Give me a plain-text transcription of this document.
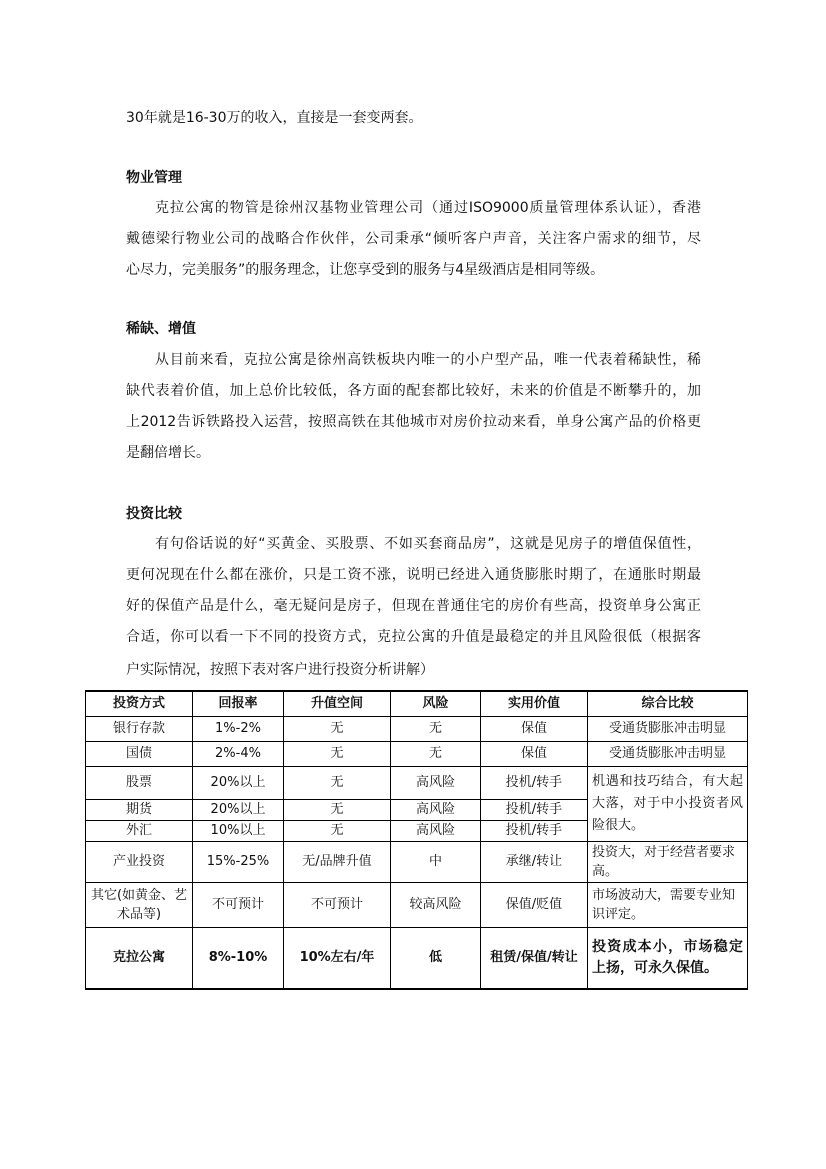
30年就是16-30万的收入，直接是一套变两套。
物业管理
克拉公寓的物管是徐州汉基物业管理公司（通过ISO9000质量管理体系认证），香港
戴德梁行物业公司的战略合作伙伴，公司秉承“倾听客户声音，关注客户需求的细节，尽
心尽力，完美服务”的服务理念，让您享受到的服务与4星级酒店是相同等级。
稀缺、增值
从目前来看，克拉公寓是徐州高铁板块内唯一的小户型产品，唯一代表着稀缺性，稀
缺代表着价值，加上总价比较低，各方面的配套都比较好，未来的价值是不断攀升的，加
上2012告诉铁路投入运营，按照高铁在其他城市对房价拉动来看，单身公寓产品的价格更
是翻倍增长。
投资比较
有句俗话说的好“买黄金、买股票、不如买套商品房”，这就是见房子的增值保值性，
更何况现在什么都在涨价，只是工资不涨，说明已经进入通货膨胀时期了，在通胀时期最
好的保值产品是什么，毫无疑问是房子，但现在普通住宅的房价有些高，投资单身公寓正
合适，你可以看一下不同的投资方式，克拉公寓的升值是最稳定的并且风险很低（根据客
户实际情况，按照下表对客户进行投资分析讲解）
投资方式	回报率	升值空间	风险	实用价值	综合比较
银行存款	1%-2%	无	无	保值	受通货膨胀冲击明显
国债	2%-4%	无	无	保值	受通货膨胀冲击明显
股票	20%以上	无	高风险	投机/转手	机遇和技巧结合，有大起大落，对于中小投资者风险很大。
期货	20%以上	无	高风险	投机/转手	
外汇	10%以上	无	高风险	投机/转手	
产业投资	15%-25%	无/品牌升值	中	承继/转让	投资大，对于经营者要求高。
其它(如黄金、艺术品等)	不可预计	不可预计	较高风险	保值/贬值	市场波动大，需要专业知识评定。
克拉公寓	8%-10%	10%左右/年	低	租赁/保值/转让	投资成本小，市场稳定上扬，可永久保值。
